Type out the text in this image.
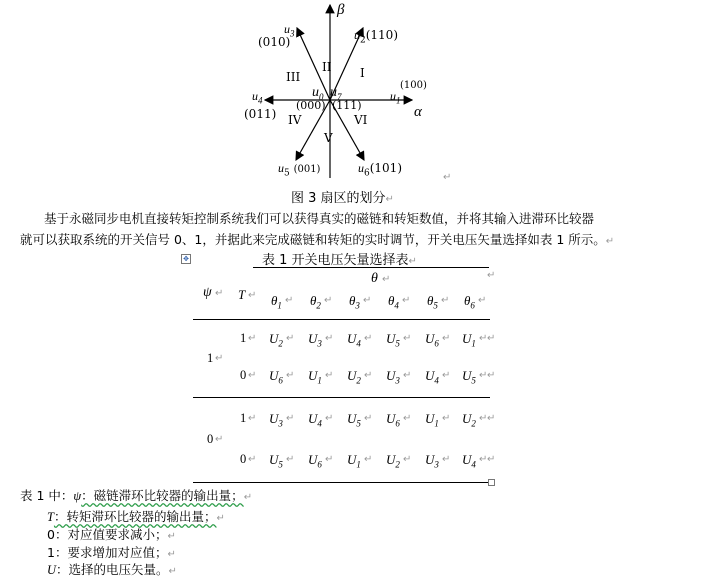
β
α
$u_2(110)$
$u_3$
(010)
(100)
$u_1$
$u_4$
(011)
$u_5$ (001)	$u_6(101)$
$u_0$ $u_7$
(000) (111)
I
II
III
IV
V
VI
↵
图 3 扇区的划分↵
基于永磁同步电机直接转矩控制系统我们可以获得真实的磁链和转矩数值，并将其输入进滞环比较器
就可以获取系统的开关信号 0、1，并据此来完成磁链和转矩的实时调节，开关电压矢量选择如表 1 所示。↵
✥	表 1 开关电压矢量选择表↵
θ ↵	↵
ψ ↵ T ↵ $\theta_1$ ↵ $\theta_2$ ↵ $\theta_3$ ↵ $\theta_4$ ↵ $\theta_5$ ↵ $\theta_6$ ↵
1 ↵
1 ↵ $U_2$ ↵ $U_3$ ↵ $U_4$ ↵ $U_5$ ↵ $U_6$ ↵ $U_1$ ↵ ↵
0 ↵ $U_6$ ↵ $U_1$ ↵ $U_2$ ↵ $U_3$ ↵ $U_4$ ↵ $U_5$ ↵ ↵
0 ↵
1 ↵ $U_3$ ↵ $U_4$ ↵ $U_5$ ↵ $U_6$ ↵ $U_1$ ↵ $U_2$ ↵ ↵
0 ↵ $U_5$ ↵ $U_6$ ↵ $U_1$ ↵ $U_2$ ↵ $U_3$ ↵ $U_4$ ↵ ↵
表 1 中：ψ：磁链滞环比较器的输出量；↵
T：转矩滞环比较器的输出量；↵
0：对应值要求减小；↵
1：要求增加对应值；↵
U：选择的电压矢量。↵
